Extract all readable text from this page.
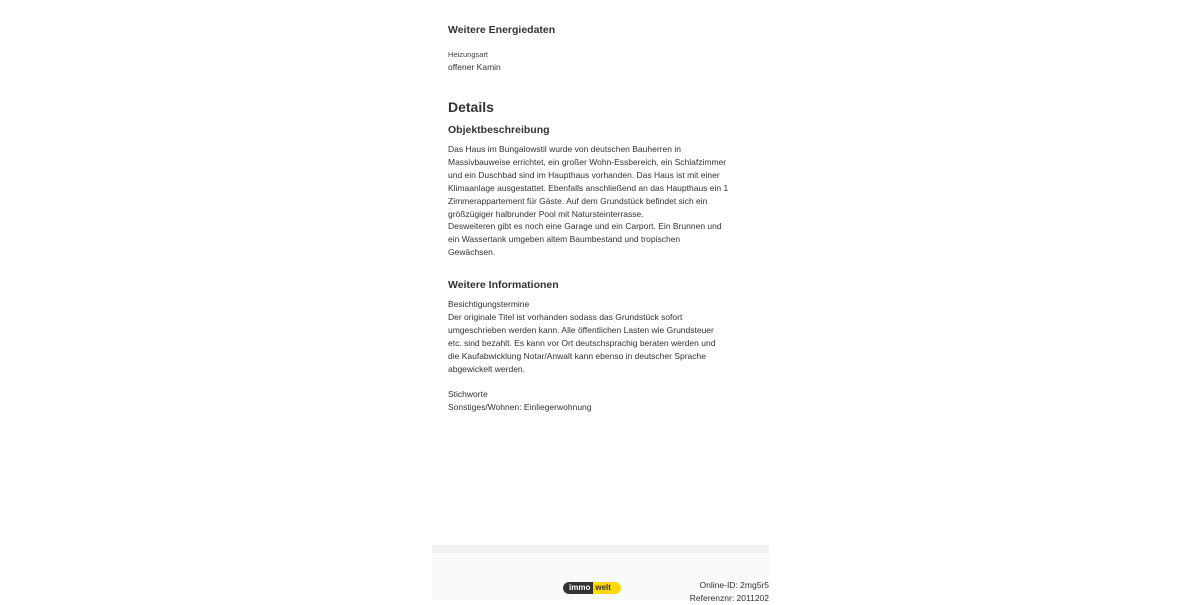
Weitere Energiedaten
Heizungsart
offener Kamin
Details
Objektbeschreibung
Das Haus im Bungalowstil wurde von deutschen Bauherren in
Massivbauweise errichtet, ein großer Wohn-Essbereich, ein Schlafzimmer
und ein Duschbad sind im Haupthaus vorhanden. Das Haus ist mit einer
Klimaanlage ausgestattet. Ebenfalls anschließend an das Haupthaus ein 1
Zimmerappartement für Gäste. Auf dem Grundstück befindet sich ein
größzügiger halbrunder Pool mit Natursteinterrasse.
Desweiteren gibt es noch eine Garage und ein Carport. Ein Brunnen und
ein Wassertank umgeben altem Baumbestand und tropischen
Gewächsen.
Weitere Informationen
Besichtigungstermine
Der originale Titel ist vorhanden sodass das Grundstück sofort
umgeschrieben werden kann. Alle öffentlichen Lasten wie Grundsteuer
etc. sind bezahlt. Es kann vor Ort deutschsprachig beraten werden und
die Kaufabwicklung Notar/Anwalt kann ebenso in deutscher Sprache
abgewickelt werden.

Stichworte
Sonstiges/Wohnen: Einliegerwohnung
immo welt	Online-ID: 2mg5r5
Referenznr: 2011202
